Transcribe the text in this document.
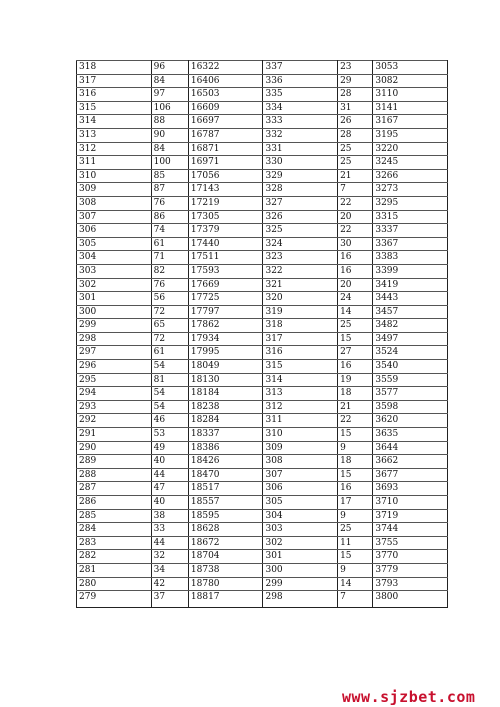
318	96	16322	337	23	3053
317	84	16406	336	29	3082
316	97	16503	335	28	3110
315	106	16609	334	31	3141
314	88	16697	333	26	3167
313	90	16787	332	28	3195
312	84	16871	331	25	3220
311	100	16971	330	25	3245
310	85	17056	329	21	3266
309	87	17143	328	7	3273
308	76	17219	327	22	3295
307	86	17305	326	20	3315
306	74	17379	325	22	3337
305	61	17440	324	30	3367
304	71	17511	323	16	3383
303	82	17593	322	16	3399
302	76	17669	321	20	3419
301	56	17725	320	24	3443
300	72	17797	319	14	3457
299	65	17862	318	25	3482
298	72	17934	317	15	3497
297	61	17995	316	27	3524
296	54	18049	315	16	3540
295	81	18130	314	19	3559
294	54	18184	313	18	3577
293	54	18238	312	21	3598
292	46	18284	311	22	3620
291	53	18337	310	15	3635
290	49	18386	309	9	3644
289	40	18426	308	18	3662
288	44	18470	307	15	3677
287	47	18517	306	16	3693
286	40	18557	305	17	3710
285	38	18595	304	9	3719
284	33	18628	303	25	3744
283	44	18672	302	11	3755
282	32	18704	301	15	3770
281	34	18738	300	9	3779
280	42	18780	299	14	3793
279	37	18817	298	7	3800
www.sjzbet.com
